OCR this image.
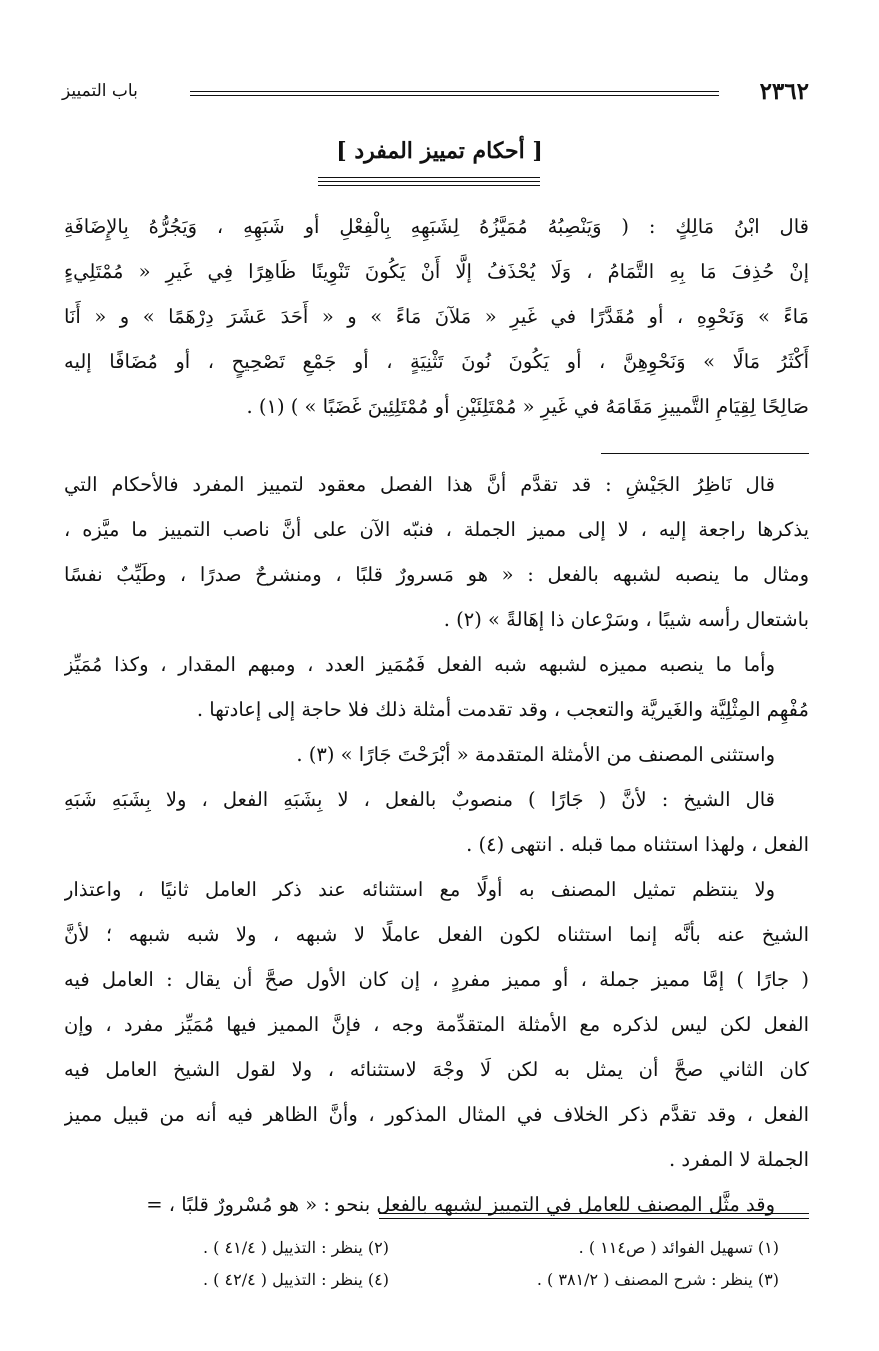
٢٣٦٢
باب التمييز
[ أحكام تمييز المفرد ]
قال ابْنُ مَالِكٍ : ( وَيَنْصِبُهُ مُمَيَّزُهُ لِشَبَهِهِ بِالْفِعْلِ أو شَبَهِهِ ، وَيَجُرُّهُ بِالإِضَافَةِ
إنْ حُذِفَ مَا بِهِ التَّمَامُ ، وَلَا يُحْذَفُ إلَّا أَنْ يَكُونَ تَنْوِينًا ظَاهِرًا فِي غَيرِ « مُمْتَلِيءٍ
مَاءً » وَنَحْوِهِ ، أو مُقَدَّرًا في غَيرِ « مَلآنَ مَاءً » و « أَحَدَ عَشَرَ دِرْهَمًا » و « أَنَا
أَكْثَرُ مَالًا » وَنَحْوِهِنَّ ، أو يَكُونَ نُونَ تَثْنِيَةٍ ، أو جَمْعِ تَصْحِيحٍ ، أو مُضَافًا إليه
صَالِحًا لِقِيَامِ التَّمييزِ مَقَامَهُ في غَيرِ « مُمْتَلِئَيْنِ أو مُمْتَلِئِينَ غَضَبًا » ) (١) .
قال نَاظِرُ الجَيْشِ : قد تقدَّم أنَّ هذا الفصل معقود لتمييز المفرد فالأحكام التي
يذكرها راجعة إليه ، لا إلى مميز الجملة ، فنبّه الآن على أنَّ ناصب التمييز ما ميَّزه ،
ومثال ما ينصبه لشبهه بالفعل : « هو مَسرورٌ قلبًا ، ومنشرحٌ صدرًا ، وطَيِّبٌ نفسًا
باشتعال رأسه شيبًا ، وسَرْعان ذا إهَالةً » (٢) .
وأما ما ينصبه مميزه لشبهه شبه الفعل فَمُمَيز العدد ، ومبهم المقدار ، وكذا مُمَيِّز
مُفْهِم المِثْلِيَّة والغَيريَّة والتعجب ، وقد تقدمت أمثلة ذلك فلا حاجة إلى إعادتها .
واستثنى المصنف من الأمثلة المتقدمة « أبْرَحْتَ جَارًا » (٣) .
قال الشيخ : لأنَّ ( جَارًا ) منصوبٌ بالفعل ، لا بِشَبَهِ الفعل ، ولا بِشَبَهِ شَبَهِ
الفعل ، ولهذا استثناه مما قبله . انتهى (٤) .
ولا ينتظم تمثيل المصنف به أولًا مع استثنائه عند ذكر العامل ثانيًا ، واعتذار
الشيخ عنه بأنَّه إنما استثناه لكون الفعل عاملًا لا شبهه ، ولا شبه شبهه ؛ لأنَّ
( جارًا ) إمَّا مميز جملة ، أو مميز مفردٍ ، إن كان الأول صحَّ أن يقال : العامل فيه
الفعل لكن ليس لذكره مع الأمثلة المتقدِّمة وجه ، فإنَّ المميز فيها مُمَيِّز مفرد ، وإن
كان الثاني صحَّ أن يمثل به لكن لَا وجْهَ لاستثنائه ، ولا لقول الشيخ العامل فيه
الفعل ، وقد تقدَّم ذكر الخلاف في المثال المذكور ، وأنَّ الظاهر فيه أنه من قبيل مميز
الجملة لا المفرد .
وقد مثَّل المصنف للعامل في التمييز لشبهه بالفعل بنحو : « هو مُسْرورٌ قلبًا ، =
(١) تسهيل الفوائد ( ص١١٤ ) .
(٢) ينظر : التذييل ( ٤١/٤ ) .
(٣) ينظر : شرح المصنف ( ٣٨١/٢ ) .
(٤) ينظر : التذييل ( ٤٢/٤ ) .
